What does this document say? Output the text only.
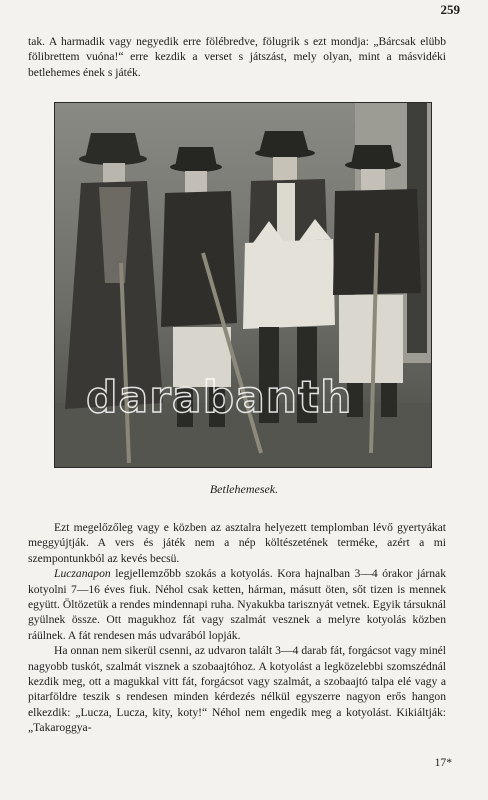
259

tak. A harmadik vagy negyedik erre fölébredve, fölugrik s ezt mondja: „Bárcsak elübb fölibrettem vuóna!“ erre kezdik a verset s játszást, mely olyan, mint a másvidéki betlehemes ének s játék.

darabanth
Betlehemesek.

Ezt megelőzőleg vagy e közben az asztalra helyezett templomban lévő gyertyákat meggyújtják. A vers és játék nem a nép költészetének terméke, azért a mi szempontunkból az kevés becsü.

Luczanapon legjellemzőbb szokás a kotyolás. Kora hajnalban 3—4 órakor járnak kotyolni 7—16 éves fiuk. Néhol csak ketten, hárman, másutt öten, sőt tizen is mennek együtt. Öltözetük a rendes mindennapi ruha. Nyakukba tarisznyát vetnek. Egyik társuknál gyülnek össze. Ott magukhoz fát vagy szalmát vesznek a melyre kotyolás közben ráülnek. A fát rendesen más udvarából lopják.

Ha onnan nem sikerül csenni, az udvaron talált 3—4 darab fát, forgácsot vagy minél nagyobb tuskót, szalmát visznek a szobaajtóhoz. A kotyolást a legközelebbi szomszédnál kezdik meg, ott a magukkal vitt fát, forgácsot vagy szalmát, a szobaajtó talpa elé vagy a pitarföldre teszik s rendesen minden kérdezés nélkül egyszerre nagyon erős hangon elkezdik: „Lucza, Lucza, kity, koty!“ Néhol nem engedik meg a kotyolást. Kikiáltják: „Takaroggya-

17*
